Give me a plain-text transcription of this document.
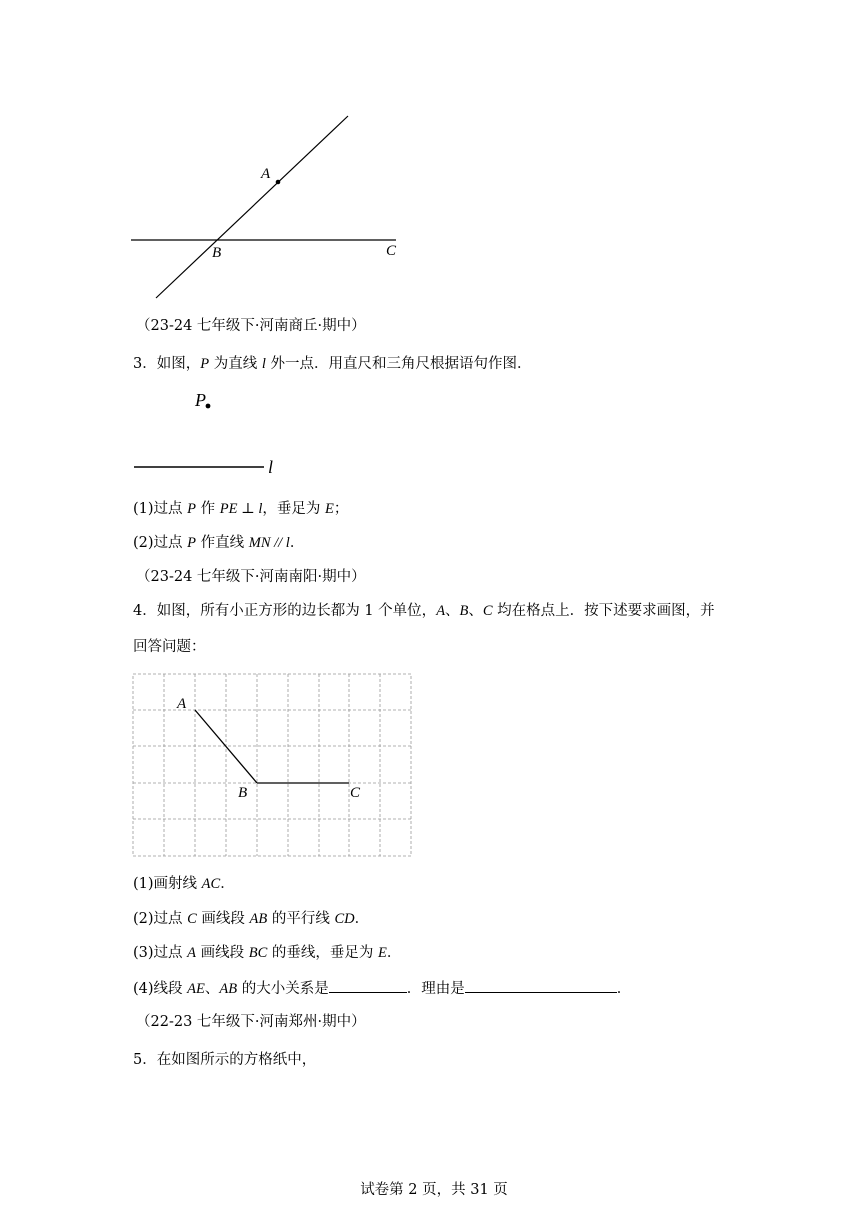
A
B	C
（23-24 七年级下·河南商丘·期中）
3．如图，P 为直线 l 外一点．用直尺和三角尺根据语句作图．
P
l
(1)过点 P 作 PE ⊥ l，垂足为 E；
(2)过点 P 作直线 MN // l．
（23-24 七年级下·河南南阳·期中）
4．如图，所有小正方形的边长都为 1 个单位，A、B、C 均在格点上．按下述要求画图，并
回答问题：
A
B	C
(1)画射线 AC．
(2)过点 C 画线段 AB 的平行线 CD．
(3)过点 A 画线段 BC 的垂线，垂足为 E．
(4)线段 AE、AB 的大小关系是	．理由是	．
（22-23 七年级下·河南郑州·期中）
5．在如图所示的方格纸中，
试卷第 2 页，共 31 页
